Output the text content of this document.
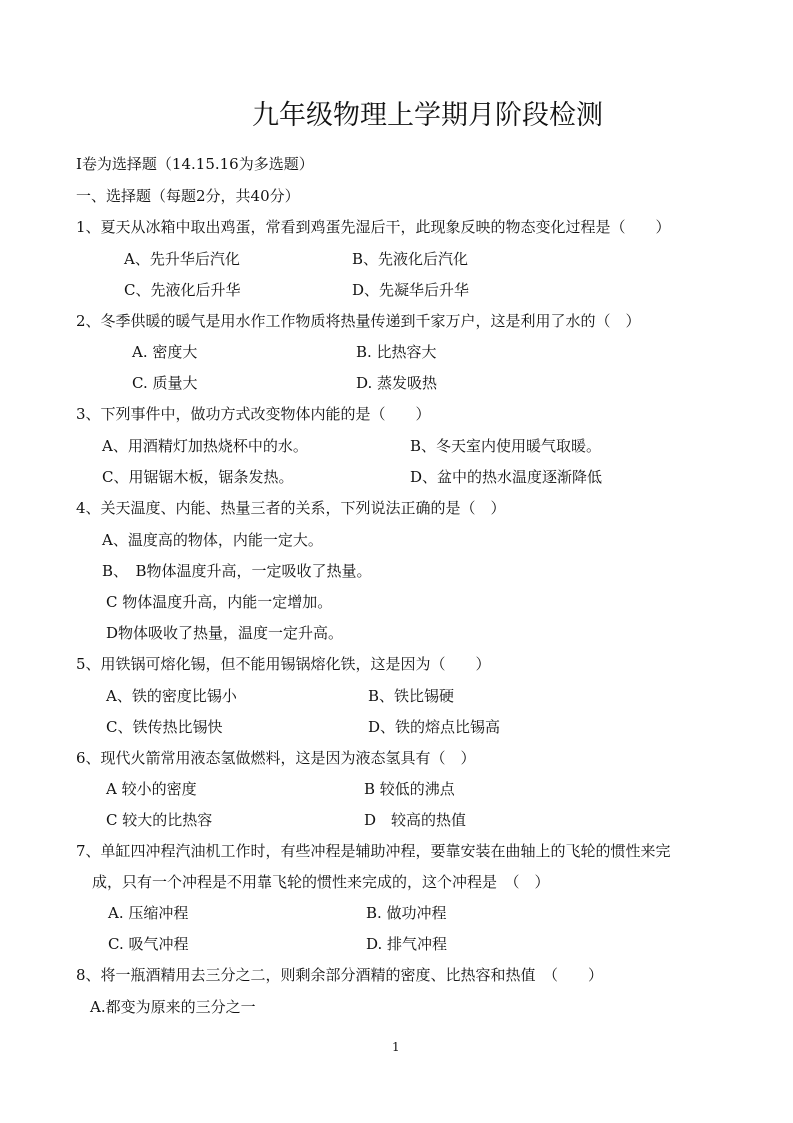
九年级物理上学期月阶段检测
I卷为选择题（14.15.16为多选题）
一、选择题（每题2分，共40分）
1、夏天从冰箱中取出鸡蛋，常看到鸡蛋先湿后干，此现象反映的物态变化过程是（　　）
A、先升华后汽化	B、先液化后汽化
C、先液化后升华	D、先凝华后升华
2、冬季供暖的暖气是用水作工作物质将热量传递到千家万户，这是利用了水的（　）
A. 密度大	B. 比热容大
C. 质量大	D. 蒸发吸热
3、下列事件中，做功方式改变物体内能的是（　　）
A、用酒精灯加热烧杯中的水。	B、冬天室内使用暖气取暖。
C、用锯锯木板，锯条发热。	D、盆中的热水温度逐渐降低
4、关天温度、内能、热量三者的关系，下列说法正确的是（　）
A、温度高的物体，内能一定大。
B、　B物体温度升高，一定吸收了热量。
C 物体温度升高，内能一定增加。
D物体吸收了热量，温度一定升高。
5、用铁锅可熔化锡，但不能用锡锅熔化铁，这是因为（　　）
A、铁的密度比锡小	B、铁比锡硬
C、铁传热比锡快	D、铁的熔点比锡高
6、现代火箭常用液态氢做燃料，这是因为液态氢具有（　）
A 较小的密度	B 较低的沸点
C 较大的比热容	D　较高的热值
7、单缸四冲程汽油机工作时，有些冲程是辅助冲程，要靠安装在曲轴上的飞轮的惯性来完
成，只有一个冲程是不用靠飞轮的惯性来完成的，这个冲程是　（　）
A. 压缩冲程	B. 做功冲程
C. 吸气冲程	D. 排气冲程
8、将一瓶酒精用去三分之二，则剩余部分酒精的密度、比热容和热值　（　　）
A.都变为原来的三分之一
1
